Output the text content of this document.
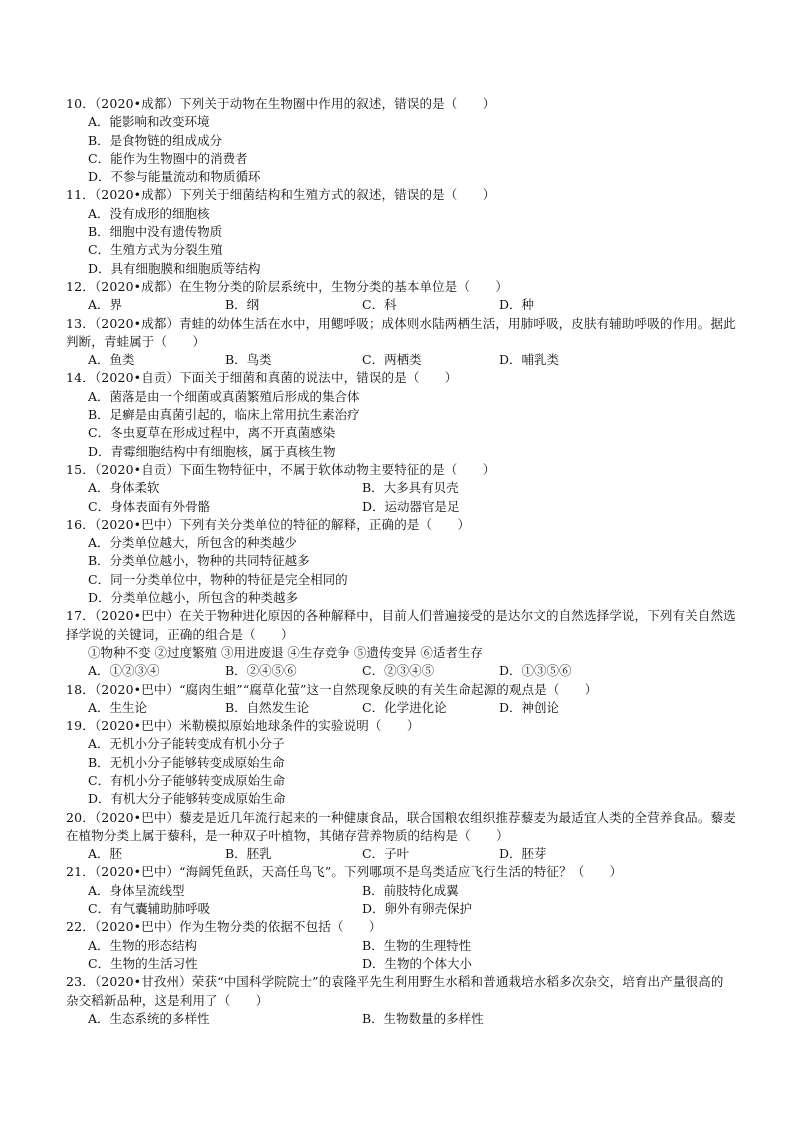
10．（2020•成都）下列关于动物在生物圈中作用的叙述，错误的是（　　）
A．能影响和改变环境
B．是食物链的组成成分
C．能作为生物圈中的消费者
D．不参与能量流动和物质循环
11．（2020•成都）下列关于细菌结构和生殖方式的叙述，错误的是（　　）
A．没有成形的细胞核
B．细胞中没有遗传物质
C．生殖方式为分裂生殖
D．具有细胞膜和细胞质等结构
12．（2020•成都）在生物分类的阶层系统中，生物分类的基本单位是（　　）
A．界	B．纲	C．科	D．种
13．（2020•成都）青蛙的幼体生活在水中，用鳃呼吸；成体则水陆两栖生活，用肺呼吸，皮肤有辅助呼吸的作用。据此判断，青蛙属于（　　）
A．鱼类	B．鸟类	C．两栖类	D．哺乳类
14．（2020•自贡）下面关于细菌和真菌的说法中，错误的是（　　）
A．菌落是由一个细菌或真菌繁殖后形成的集合体
B．足癣是由真菌引起的，临床上常用抗生素治疗
C．冬虫夏草在形成过程中，离不开真菌感染
D．青霉细胞结构中有细胞核，属于真核生物
15．（2020•自贡）下面生物特征中，不属于软体动物主要特征的是（　　）
A．身体柔软	B．大多具有贝壳
C．身体表面有外骨骼	D．运动器官是足
16．（2020•巴中）下列有关分类单位的特征的解释，正确的是（　　）
A．分类单位越大，所包含的种类越少
B．分类单位越小，物种的共同特征越多
C．同一分类单位中，物种的特征是完全相同的
D．分类单位越小，所包含的种类越多
17．（2020•巴中）在关于物种进化原因的各种解释中，目前人们普遍接受的是达尔文的自然选择学说，下列有关自然选择学说的关键词，正确的组合是（　　）
①物种不变 ②过度繁殖 ③用进废退 ④生存竞争 ⑤遗传变异 ⑥适者生存
A．①②③④	B．②④⑤⑥	C．②③④⑤	D．①③⑤⑥
18．（2020•巴中）“腐肉生蛆”“腐草化萤”这一自然现象反映的有关生命起源的观点是（　　）
A．生生论	B．自然发生论	C．化学进化论	D．神创论
19．（2020•巴中）米勒模拟原始地球条件的实验说明（　　）
A．无机小分子能转变成有机小分子
B．无机小分子能够转变成原始生命
C．有机小分子能够转变成原始生命
D．有机大分子能够转变成原始生命
20．（2020•巴中）藜麦是近几年流行起来的一种健康食品，联合国粮农组织推荐藜麦为最适宜人类的全营养食品。藜麦在植物分类上属于藜科，是一种双子叶植物，其储存营养物质的结构是（　　）
A．胚	B．胚乳	C．子叶	D．胚芽
21．（2020•巴中）“海阔凭鱼跃，天高任鸟飞”。下列哪项不是鸟类适应飞行生活的特征？（　　）
A．身体呈流线型	B．前肢特化成翼
C．有气囊辅助肺呼吸	D．卵外有卵壳保护
22．（2020•巴中）作为生物分类的依据不包括（　　）
A．生物的形态结构	B．生物的生理特性
C．生物的生活习性	D．生物的个体大小
23．（2020•甘孜州）荣获“中国科学院院士”的袁隆平先生利用野生水稻和普通栽培水稻多次杂交，培育出产量很高的杂交稻新品种，这是利用了（　　）
A．生态系统的多样性	B．生物数量的多样性
